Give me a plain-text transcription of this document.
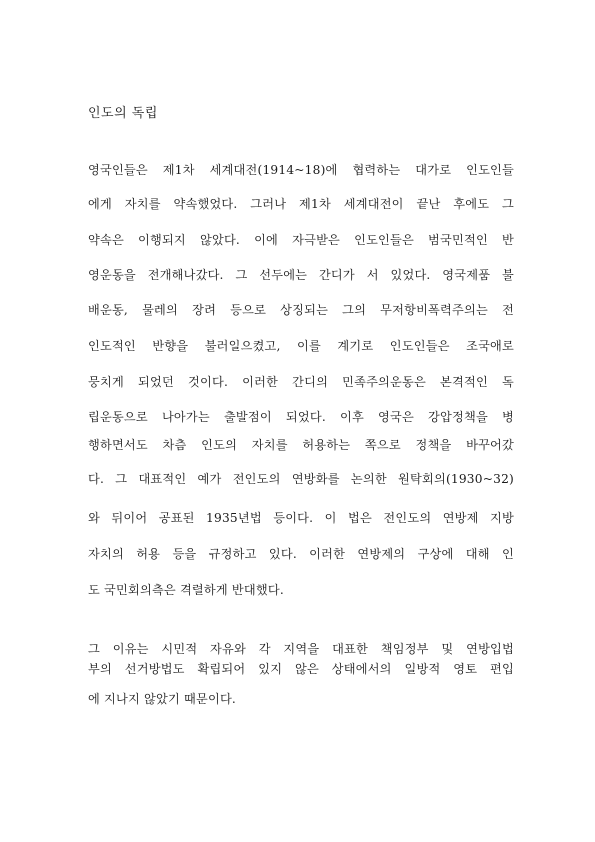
인도의 독립
영국인들은 제1차 세계대전(1914~18)에 협력하는 대가로 인도인들
에게 자치를 약속했었다. 그러나 제1차 세계대전이 끝난 후에도 그
약속은 이행되지 않았다. 이에 자극받은 인도인들은 범국민적인 반
영운동을 전개해나갔다. 그 선두에는 간디가 서 있었다. 영국제품 불
배운동, 물레의 장려 등으로 상징되는 그의 무저항비폭력주의는 전
인도적인 반향을 불러일으켰고, 이를 계기로 인도인들은 조국애로
뭉치게 되었던 것이다. 이러한 간디의 민족주의운동은 본격적인 독
립운동으로 나아가는 출발점이 되었다. 이후 영국은 강압정책을 병
행하면서도 차츰 인도의 자치를 허용하는 쪽으로 정책을 바꾸어갔
다. 그 대표적인 예가 전인도의 연방화를 논의한 원탁회의(1930~32)
와 뒤이어 공표된 1935년법 등이다. 이 법은 전인도의 연방제 지방
자치의 허용 등을 규정하고 있다. 이러한 연방제의 구상에 대해 인
도 국민회의측은 격렬하게 반대했다.
그 이유는 시민적 자유와 각 지역을 대표한 책임정부 및 연방입법
부의 선거방법도 확립되어 있지 않은 상태에서의 일방적 영토 편입
에 지나지 않았기 때문이다.
